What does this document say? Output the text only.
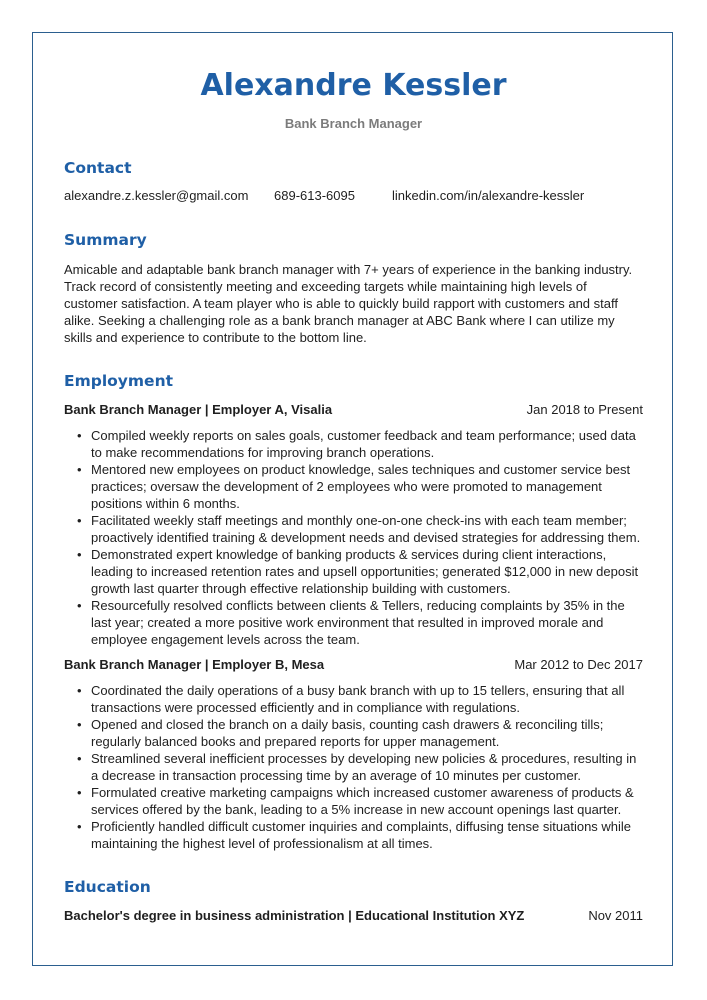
Alexandre Kessler

Bank Branch Manager

Contact
alexandre.z.kessler@gmail.com 689-613-6095	linkedin.com/in/alexandre-kessler
Summary

Amicable and adaptable bank branch manager with 7+ years of experience in the banking industry. Track record of consistently meeting and exceeding targets while maintaining high levels of customer satisfaction. A team player who is able to quickly build rapport with customers and staff alike. Seeking a challenging role as a bank branch manager at ABC Bank where I can utilize my skills and experience to contribute to the bottom line.

Employment
Bank Branch Manager | Employer A, Visalia	Jan 2018 to Present
• Compiled weekly reports on sales goals, customer feedback and team performance; used data to make recommendations for improving branch operations.
• Mentored new employees on product knowledge, sales techniques and customer service best practices; oversaw the development of 2 employees who were promoted to management positions within 6 months.
• Facilitated weekly staff meetings and monthly one-on-one check-ins with each team member; proactively identified training & development needs and devised strategies for addressing them.
• Demonstrated expert knowledge of banking products & services during client interactions, leading to increased retention rates and upsell opportunities; generated $12,000 in new deposit growth last quarter through effective relationship building with customers.
• Resourcefully resolved conflicts between clients & Tellers, reducing complaints by 35% in the last year; created a more positive work environment that resulted in improved morale and employee engagement levels across the team.
Bank Branch Manager | Employer B, Mesa	Mar 2012 to Dec 2017
• Coordinated the daily operations of a busy bank branch with up to 15 tellers, ensuring that all transactions were processed efficiently and in compliance with regulations.
• Opened and closed the branch on a daily basis, counting cash drawers & reconciling tills; regularly balanced books and prepared reports for upper management.
• Streamlined several inefficient processes by developing new policies & procedures, resulting in a decrease in transaction processing time by an average of 10 minutes per customer.
• Formulated creative marketing campaigns which increased customer awareness of products & services offered by the bank, leading to a 5% increase in new account openings last quarter.
• Proficiently handled difficult customer inquiries and complaints, diffusing tense situations while maintaining the highest level of professionalism at all times.
Education
Bachelor's degree in business administration | Educational Institution XYZ	Nov 2011
